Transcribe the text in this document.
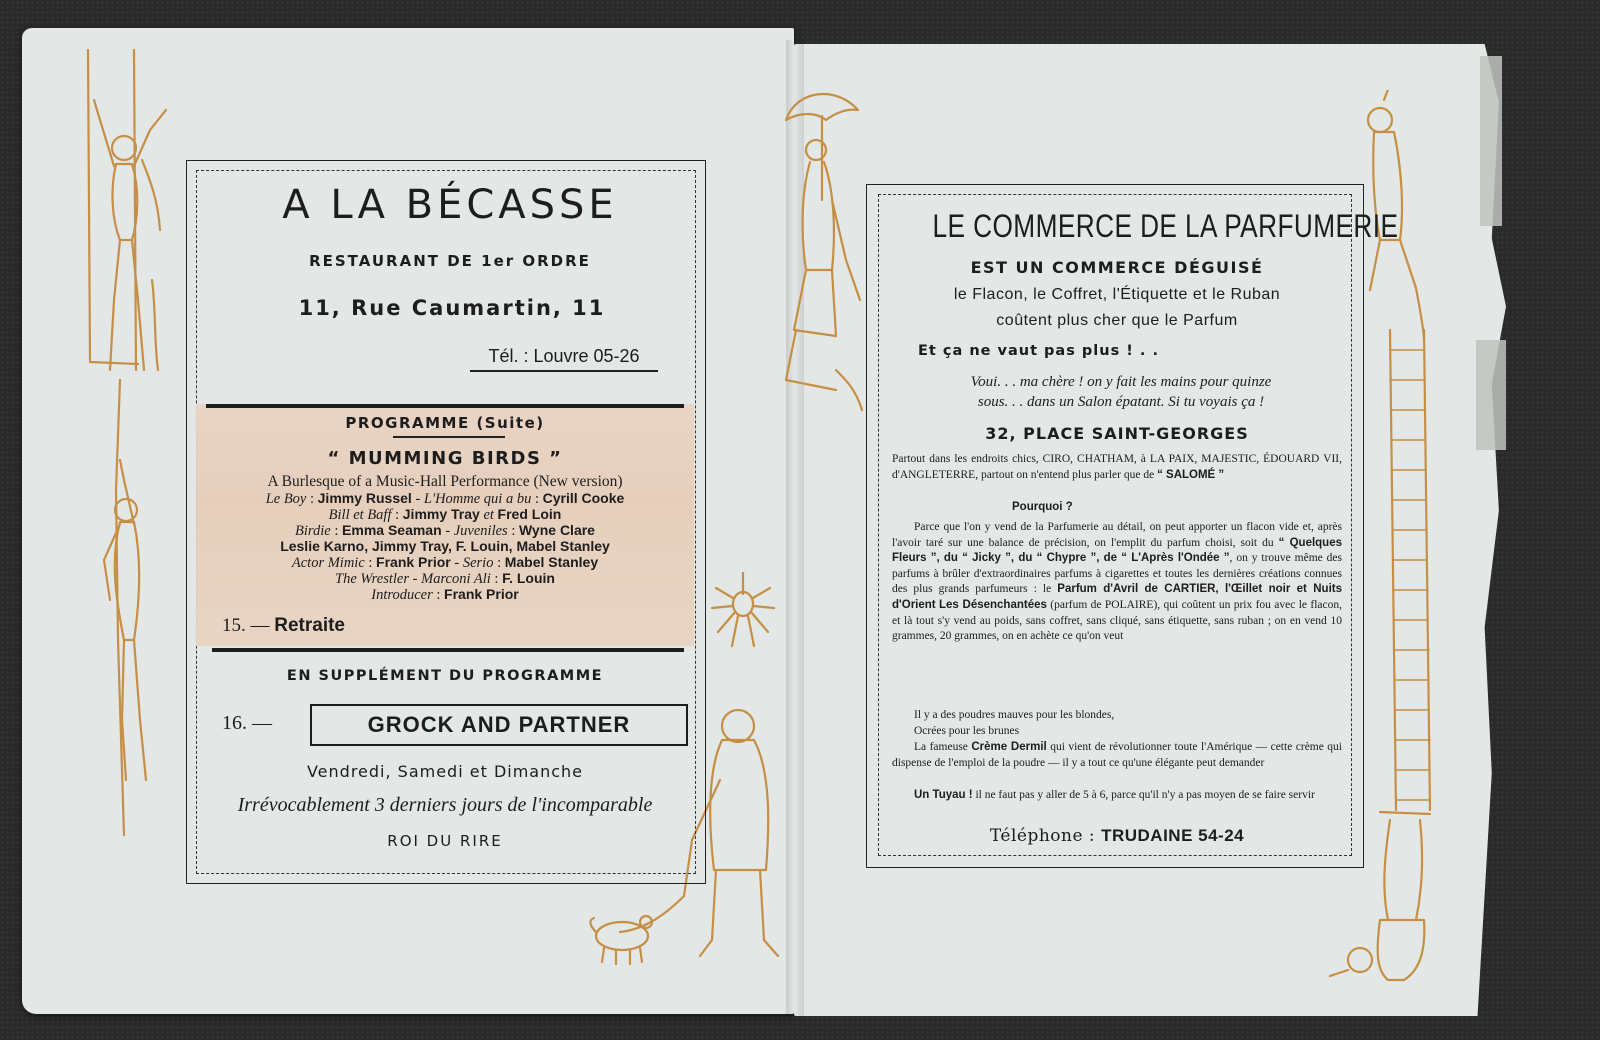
A LA BÉCASSE
RESTAURANT DE 1er ORDRE
11, Rue Caumartin, 11
Tél. : Louvre 05-26
PROGRAMME (Suite)
“ MUMMING BIRDS ”
A Burlesque of a Music-Hall Performance (New version)
Le Boy : Jimmy Russel - L'Homme qui a bu : Cyrill Cooke
Bill et Baff : Jimmy Tray et Fred Loin
Birdie : Emma Seaman - Juveniles : Wyne Clare
Leslie Karno, Jimmy Tray, F. Louin, Mabel Stanley
Actor Mimic : Frank Prior - Serio : Mabel Stanley
The Wrestler - Marconi Ali : F. Louin
Introducer : Frank Prior
15. — Retraite
EN SUPPLÉMENT DU PROGRAMME
16. —	GROCK AND PARTNER
Vendredi, Samedi et Dimanche
Irrévocablement 3 derniers jours de l'incomparable
ROI DU RIRE
LE COMMERCE DE LA PARFUMERIE
EST UN COMMERCE DÉGUISÉ
le Flacon, le Coffret, l'Étiquette et le Ruban
coûtent plus cher que le Parfum
Et ça ne vaut pas plus ! . .
Voui. . . ma chère ! on y fait les mains pour quinze
sous. . . dans un Salon épatant. Si tu voyais ça !
32, PLACE SAINT-GEORGES
Partout dans les endroits chics, CIRO, CHATHAM, à LA PAIX, MAJESTIC, ÉDOUARD VII, d'ANGLETERRE, partout on n'entend plus parler que de “ SALOMÉ ”
Pourquoi ?
Parce que l'on y vend de la Parfumerie au détail, on peut apporter un flacon vide et, après l'avoir taré sur une balance de précision, on l'emplit du parfum choisi, soit du “ Quelques Fleurs ”, du “ Jicky ”, du “ Chypre ”, de “ L'Après l'Ondée ”, on y trouve même des parfums à brûler d'extraordinaires parfums à cigarettes et toutes les dernières créations connues des plus grands parfumeurs : le Parfum d'Avril de CARTIER, l'Œillet noir et Nuits d'Orient Les Désenchantées (parfum de POLAIRE), qui coûtent un prix fou avec le flacon, et là tout s'y vend au poids, sans coffret, sans cliqué, sans étiquette, sans ruban ; on en vend 10 grammes, 20 grammes, on en achète ce qu'on veut
Il y a des poudres mauves pour les blondes,
Ocrées pour les brunes
La fameuse Crème Dermil qui vient de révolutionner toute l'Amérique — cette crème qui dispense de l'emploi de la poudre — il y a tout ce qu'une élégante peut demander
Un Tuyau ! il ne faut pas y aller de 5 à 6, parce qu'il n'y a pas moyen de se faire servir
Téléphone : TRUDAINE 54-24
